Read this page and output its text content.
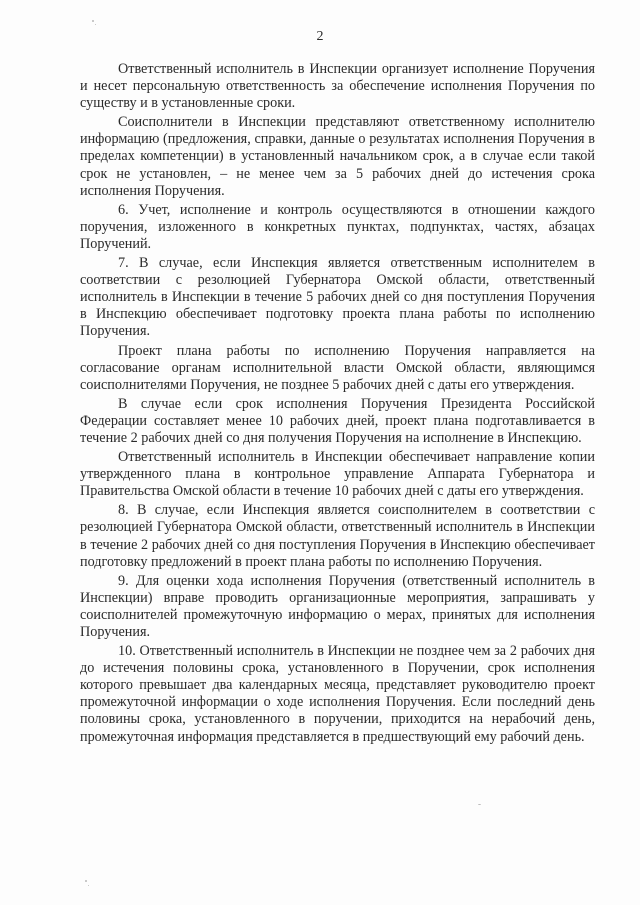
2

Ответственный исполнитель в Инспекции организует исполнение Поручения и несет персональную ответственность за обеспечение исполнения Поручения по существу и в установленные сроки.

Соисполнители в Инспекции представляют ответственному исполнителю информацию (предложения, справки, данные о результатах исполнения Поручения в пределах компетенции) в установленный начальником срок, а в случае если такой срок не установлен, – не менее чем за 5 рабочих дней до истечения срока исполнения Поручения.

6. Учет, исполнение и контроль осуществляются в отношении каждого поручения, изложенного в конкретных пунктах, подпунктах, частях, абзацах Поручений.

7. В случае, если Инспекция является ответственным исполнителем в соответствии с резолюцией Губернатора Омской области, ответственный исполнитель в Инспекции в течение 5 рабочих дней со дня поступления Поручения в Инспекцию обеспечивает подготовку проекта плана работы по исполнению Поручения.

Проект плана работы по исполнению Поручения направляется на согласование органам исполнительной власти Омской области, являющимся соисполнителями Поручения, не позднее 5 рабочих дней с даты его утверждения.

В случае если срок исполнения Поручения Президента Российской Федерации составляет менее 10 рабочих дней, проект плана подготавливается в течение 2 рабочих дней со дня получения Поручения на исполнение в Инспекцию.

Ответственный исполнитель в Инспекции обеспечивает направление копии утвержденного плана в контрольное управление Аппарата Губернатора и Правительства Омской области в течение 10 рабочих дней с даты его утверждения.

8. В случае, если Инспекция является соисполнителем в соответствии с резолюцией Губернатора Омской области, ответственный исполнитель в Инспекции в течение 2 рабочих дней со дня поступления Поручения в Инспекцию обеспечивает подготовку предложений в проект плана работы по исполнению Поручения.

9. Для оценки хода исполнения Поручения (ответственный исполнитель в Инспекции) вправе проводить организационные мероприятия, запрашивать у соисполнителей промежуточную информацию о мерах, принятых для исполнения Поручения.

10. Ответственный исполнитель в Инспекции не позднее чем за 2 рабочих дня до истечения половины срока, установленного в Поручении, срок исполнения которого превышает два календарных месяца, представляет руководителю проект промежуточной информации о ходе исполнения Поручения. Если последний день половины срока, установленного в поручении, приходится на нерабочий день, промежуточная информация представляется в предшествующий ему рабочий день.
